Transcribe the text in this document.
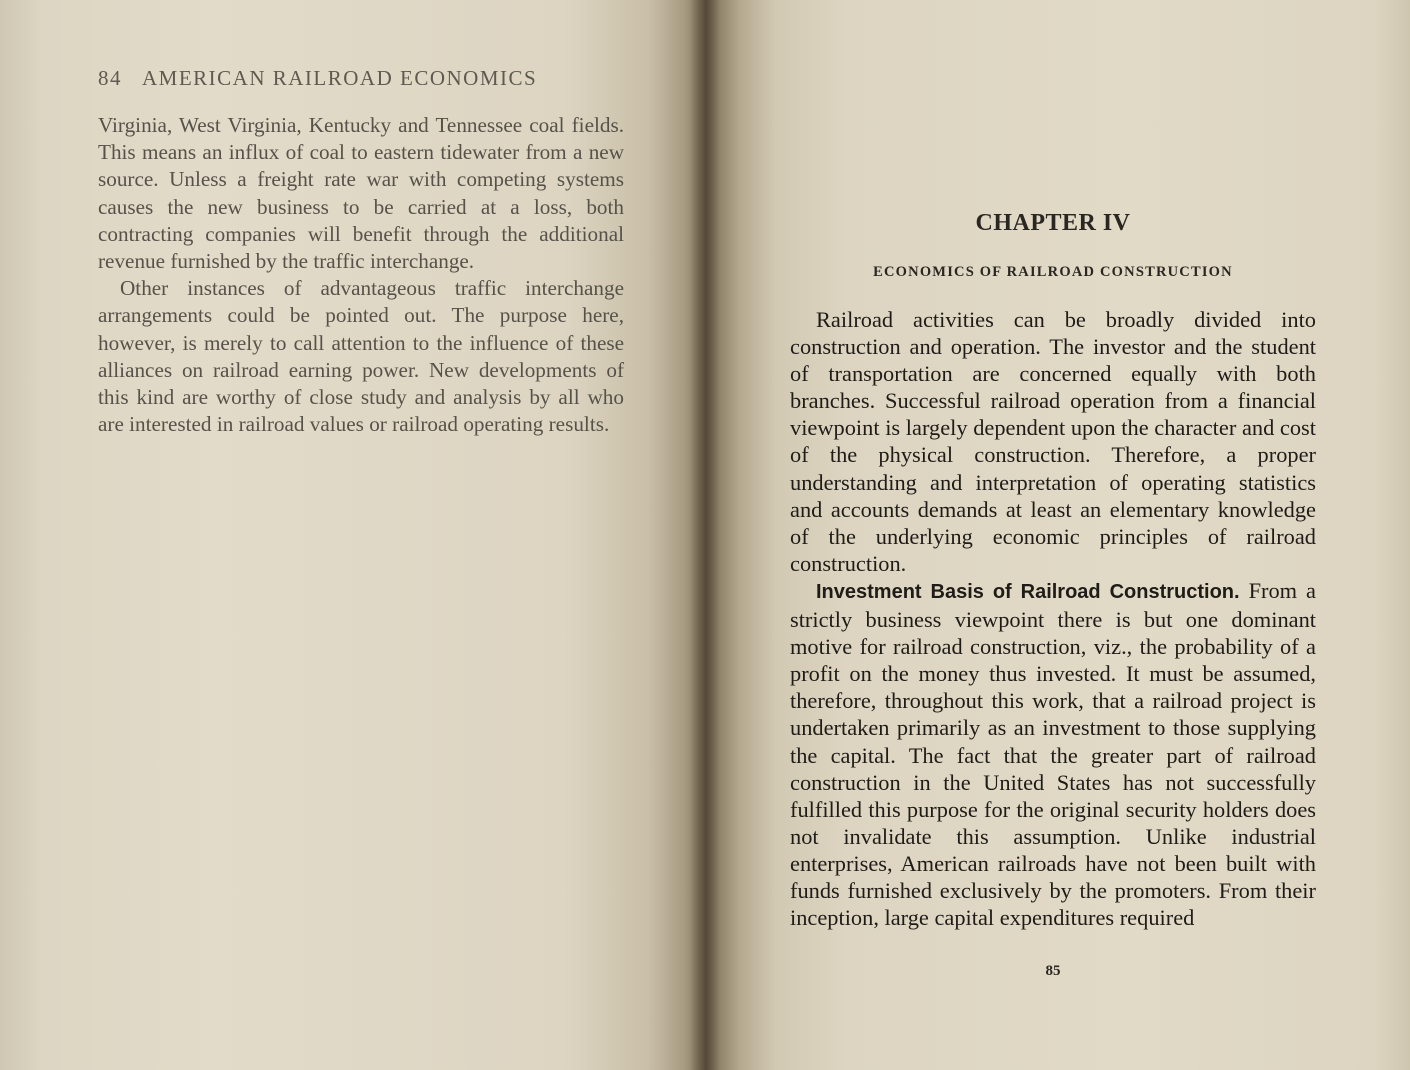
84 AMERICAN RAILROAD ECONOMICS

Virginia, West Virginia, Kentucky and Tennessee coal fields. This means an influx of coal to eastern tidewater from a new source. Unless a freight rate war with competing systems causes the new business to be carried at a loss, both contracting companies will benefit through the additional revenue furnished by the traffic interchange.

Other instances of advantageous traffic interchange arrangements could be pointed out. The purpose here, however, is merely to call attention to the influence of these alliances on railroad earning power. New developments of this kind are worthy of close study and analysis by all who are interested in railroad values or railroad operating results.

CHAPTER IV
ECONOMICS OF RAILROAD CONSTRUCTION

Railroad activities can be broadly divided into construction and operation. The investor and the student of transportation are concerned equally with both branches. Successful railroad operation from a financial viewpoint is largely dependent upon the character and cost of the physical construction. Therefore, a proper understanding and interpretation of operating statistics and accounts demands at least an elementary knowledge of the underlying economic principles of railroad construction.

Investment Basis of Railroad Construction. From a strictly business viewpoint there is but one dominant motive for railroad construction, viz., the probability of a profit on the money thus invested. It must be assumed, therefore, throughout this work, that a railroad project is undertaken primarily as an investment to those supplying the capital. The fact that the greater part of railroad construction in the United States has not successfully fulfilled this purpose for the original security holders does not invalidate this assumption. Unlike industrial enterprises, American railroads have not been built with funds furnished exclusively by the promoters. From their inception, large capital expenditures required

85
